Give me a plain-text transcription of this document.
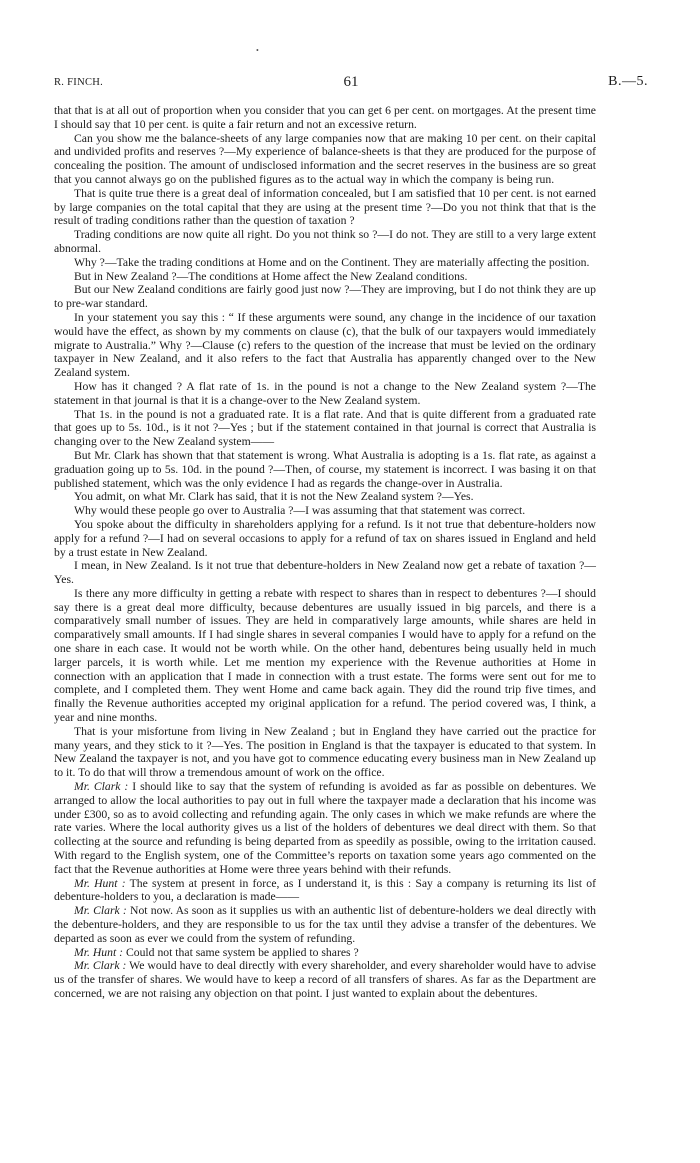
•
R. FINCH.	61	B.—5.

that that is at all out of proportion when you consider that you can get 6 per cent. on mortgages. At the present time I should say that 10 per cent. is quite a fair return and not an excessive return.

Can you show me the balance-sheets of any large companies now that are making 10 per cent. on their capital and undivided profits and reserves ?—My experience of balance-sheets is that they are produced for the purpose of concealing the position. The amount of undisclosed information and the secret reserves in the business are so great that you cannot always go on the published figures as to the actual way in which the company is being run.

That is quite true there is a great deal of information concealed, but I am satisfied that 10 per cent. is not earned by large companies on the total capital that they are using at the present time ?—Do you not think that that is the result of trading conditions rather than the question of taxation ?

Trading conditions are now quite all right. Do you not think so ?—I do not. They are still to a very large extent abnormal.

Why ?—Take the trading conditions at Home and on the Continent. They are materially affecting the position.

But in New Zealand ?—The conditions at Home affect the New Zealand conditions.

But our New Zealand conditions are fairly good just now ?—They are improving, but I do not think they are up to pre-war standard.

In your statement you say this : “ If these arguments were sound, any change in the incidence of our taxation would have the effect, as shown by my comments on clause (c), that the bulk of our taxpayers would immediately migrate to Australia.” Why ?—Clause (c) refers to the question of the increase that must be levied on the ordinary taxpayer in New Zealand, and it also refers to the fact that Australia has apparently changed over to the New Zealand system.

How has it changed ? A flat rate of 1s. in the pound is not a change to the New Zealand system ?—The statement in that journal is that it is a change-over to the New Zealand system.

That 1s. in the pound is not a graduated rate. It is a flat rate. And that is quite different from a graduated rate that goes up to 5s. 10d., is it not ?—Yes ; but if the statement contained in that journal is correct that Australia is changing over to the New Zealand system——

But Mr. Clark has shown that that statement is wrong. What Australia is adopting is a 1s. flat rate, as against a graduation going up to 5s. 10d. in the pound ?—Then, of course, my statement is incorrect. I was basing it on that published statement, which was the only evidence I had as regards the change-over in Australia.

You admit, on what Mr. Clark has said, that it is not the New Zealand system ?—Yes.

Why would these people go over to Australia ?—I was assuming that that statement was correct.

You spoke about the difficulty in shareholders applying for a refund. Is it not true that debenture-holders now apply for a refund ?—I had on several occasions to apply for a refund of tax on shares issued in England and held by a trust estate in New Zealand.

I mean, in New Zealand. Is it not true that debenture-holders in New Zealand now get a rebate of taxation ?—Yes.

Is there any more difficulty in getting a rebate with respect to shares than in respect to debentures ?—I should say there is a great deal more difficulty, because debentures are usually issued in big parcels, and there is a comparatively small number of issues. They are held in comparatively large amounts, while shares are held in comparatively small amounts. If I had single shares in several companies I would have to apply for a refund on the one share in each case. It would not be worth while. On the other hand, debentures being usually held in much larger parcels, it is worth while. Let me mention my experience with the Revenue authorities at Home in connection with an application that I made in connection with a trust estate. The forms were sent out for me to complete, and I completed them. They went Home and came back again. They did the round trip five times, and finally the Revenue authorities accepted my original application for a refund. The period covered was, I think, a year and nine months.

That is your misfortune from living in New Zealand ; but in England they have carried out the practice for many years, and they stick to it ?—Yes. The position in England is that the taxpayer is educated to that system. In New Zealand the taxpayer is not, and you have got to commence educating every business man in New Zealand up to it. To do that will throw a tremendous amount of work on the office.

Mr. Clark : I should like to say that the system of refunding is avoided as far as possible on debentures. We arranged to allow the local authorities to pay out in full where the taxpayer made a declaration that his income was under £300, so as to avoid collecting and refunding again. The only cases in which we make refunds are where the rate varies. Where the local authority gives us a list of the holders of debentures we deal direct with them. So that collecting at the source and refunding is being departed from as speedily as possible, owing to the irritation caused. With regard to the English system, one of the Committee’s reports on taxation some years ago commented on the fact that the Revenue authorities at Home were three years behind with their refunds.

Mr. Hunt : The system at present in force, as I understand it, is this : Say a company is returning its list of debenture-holders to you, a declaration is made——

Mr. Clark : Not now. As soon as it supplies us with an authentic list of debenture-holders we deal directly with the debenture-holders, and they are responsible to us for the tax until they advise a transfer of the debentures. We departed as soon as ever we could from the system of refunding.

Mr. Hunt : Could not that same system be applied to shares ?

Mr. Clark : We would have to deal directly with every shareholder, and every shareholder would have to advise us of the transfer of shares. We would have to keep a record of all transfers of shares. As far as the Department are concerned, we are not raising any objection on that point. I just wanted to explain about the debentures.
